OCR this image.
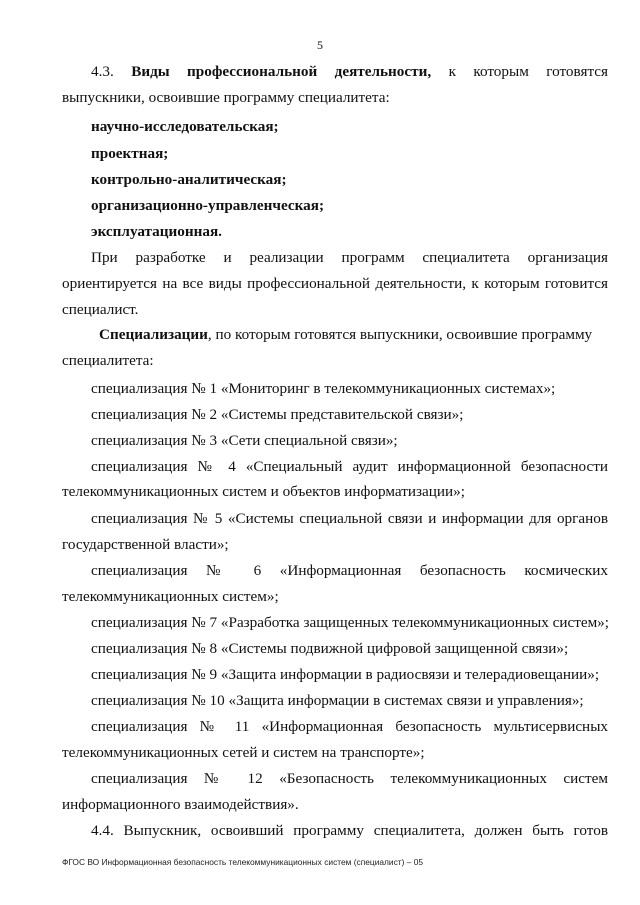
5
4.3. Виды профессиональной деятельности, к которым готовятся
выпускники, освоившие программу специалитета:
научно-исследовательская;
проектная;
контрольно-аналитическая;
организационно-управленческая;
эксплуатационная.
При разработке и реализации программ специалитета организация
ориентируется на все виды профессиональной деятельности, к которым готовится
специалист.
Специализации, по которым готовятся выпускники, освоившие программу
специалитета:
специализация № 1 «Мониторинг в телекоммуникационных системах»;
специализация № 2 «Системы представительской связи»;
специализация № 3 «Сети специальной связи»;
специализация № 4 «Специальный аудит информационной безопасности
телекоммуникационных систем и объектов информатизации»;
специализация № 5 «Системы специальной связи и информации для органов
государственной власти»;
специализация № 6 «Информационная безопасность космических
телекоммуникационных систем»;
специализация № 7 «Разработка защищенных телекоммуникационных систем»;
специализация № 8 «Системы подвижной цифровой защищенной связи»;
специализация № 9 «Защита информации в радиосвязи и телерадиовещании»;
специализация № 10 «Защита информации в системах связи и управления»;
специализация № 11 «Информационная безопасность мультисервисных
телекоммуникационных сетей и систем на транспорте»;
специализация № 12 «Безопасность телекоммуникационных систем
информационного взаимодействия».
4.4. Выпускник, освоивший программу специалитета, должен быть готов
ФГОС ВО Информационная безопасность телекоммуникационных систем (специалист) – 05
